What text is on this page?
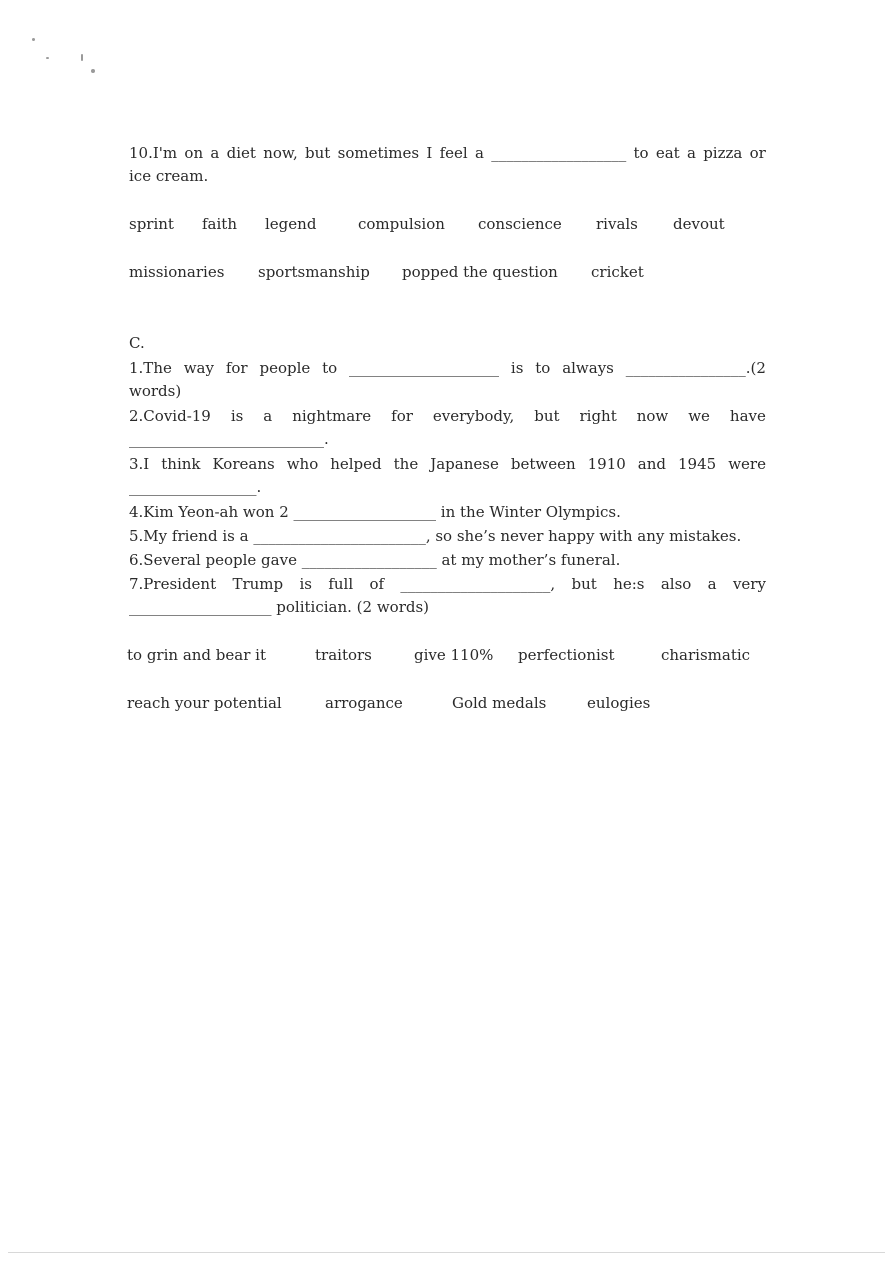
10.I'm on a diet now, but sometimes I feel a __________________ to eat a pizza or
ice cream.
sprint faith legend	compulsion conscience rivals devout
missionaries sportsmanship popped the question cricket
C.
1.The way for people to ____________________ is to always ________________.(2
words)
2.Covid-19 is a nightmare for everybody, but right now we have
__________________________.
3.I think Koreans who helped the Japanese between 1910 and 1945 were
_________________.
4.Kim Yeon-ah won 2 ___________________ in the Winter Olympics.
5.My friend is a _______________________, so she’s never happy with any mistakes.
6.Several people gave __________________ at my mother’s funeral.
7.President Trump is full of ____________________, but he:s also a very
___________________ politician. (2 words)
to grin and bear it	traitors	give 110% perfectionist	charismatic
reach your potential	arrogance	Gold medals	eulogies
